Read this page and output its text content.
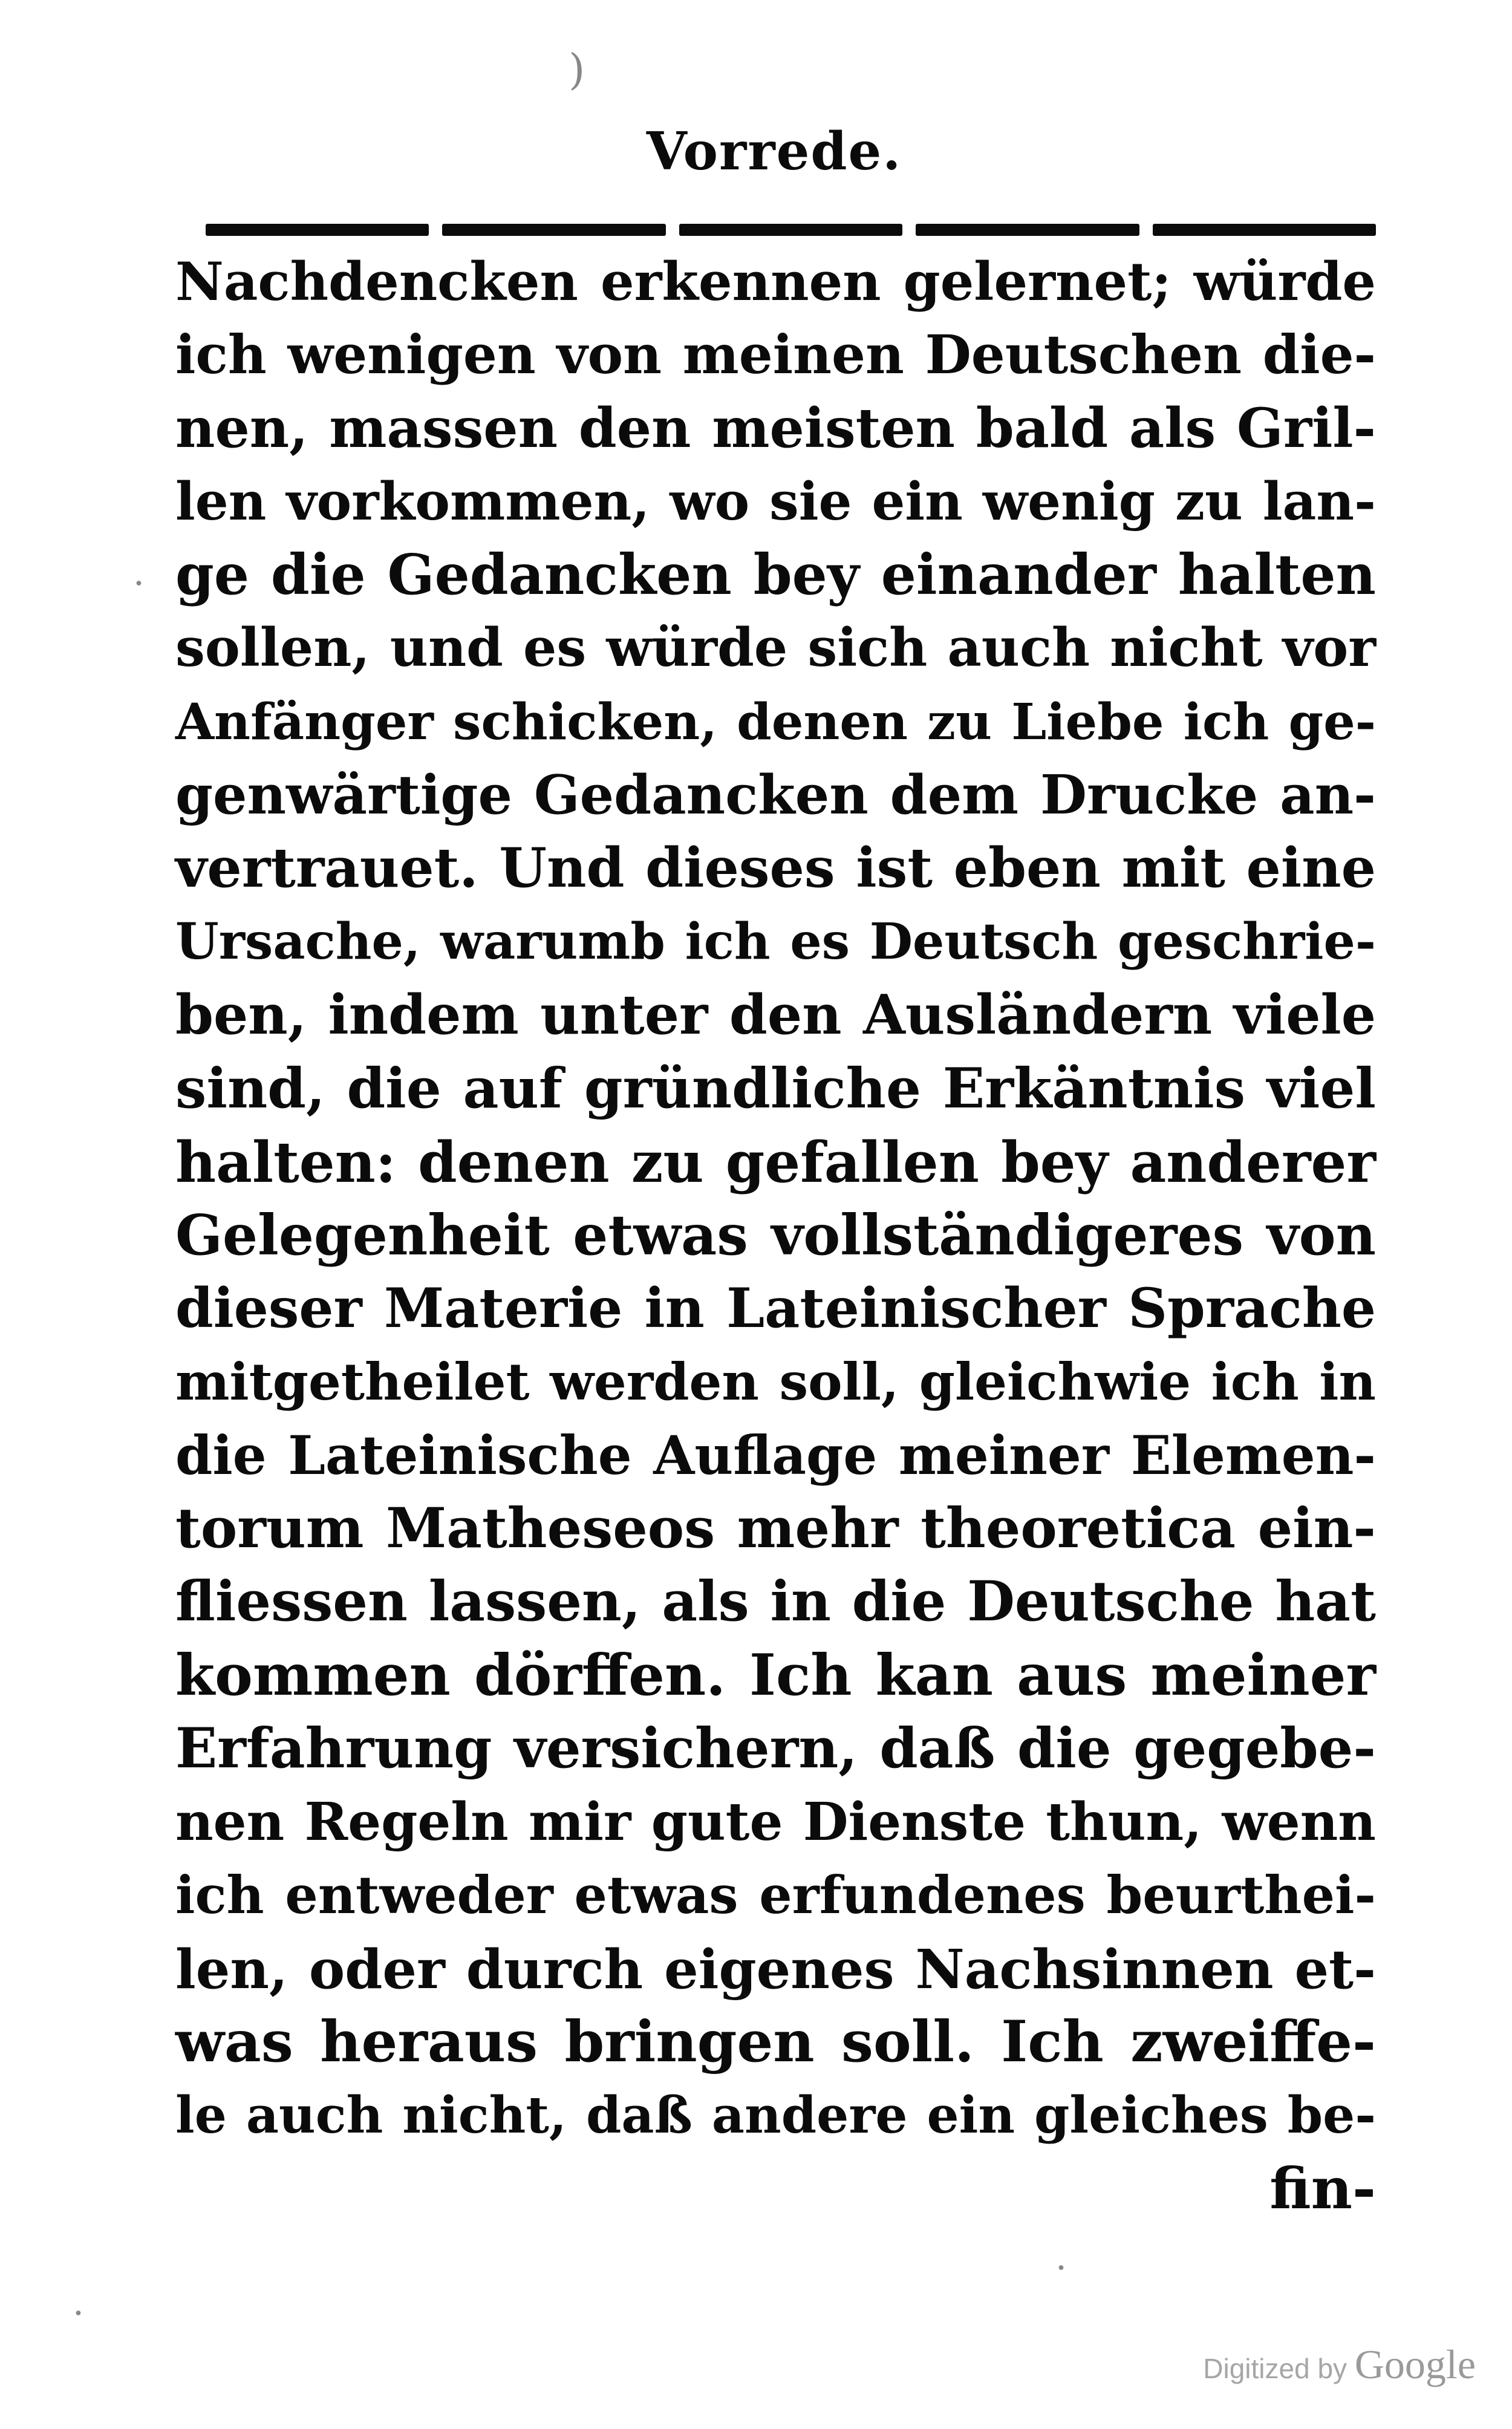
)
·
·
·
Vorrede.
Nachdencken erkennen gelernet; würde
ich wenigen von meinen Deutschen die-
nen, massen den meisten bald als Gril-
len vorkommen, wo sie ein wenig zu lan-
ge die Gedancken bey einander halten
sollen, und es würde sich auch nicht vor
Anfänger schicken, denen zu Liebe ich ge-
genwärtige Gedancken dem Drucke an-
vertrauet. Und dieses ist eben mit eine
Ursache, warumb ich es Deutsch geschrie-
ben, indem unter den Ausländern viele
sind, die auf gründliche Erkäntnis viel
halten: denen zu gefallen bey anderer
Gelegenheit etwas vollständigeres von
dieser Materie in Lateinischer Sprache
mitgetheilet werden soll, gleichwie ich in
die Lateinische Auflage meiner Elemen-
torum Matheseos mehr theoretica ein-
fliessen lassen, als in die Deutsche hat
kommen dörffen. Ich kan aus meiner
Erfahrung versichern, daß die gegebe-
nen Regeln mir gute Dienste thun, wenn
ich entweder etwas erfundenes beurthei-
len, oder durch eigenes Nachsinnen et-
was heraus bringen soll. Ich zweiffe-
le auch nicht, daß andere ein gleiches be-
fin-
Digitized by Google
